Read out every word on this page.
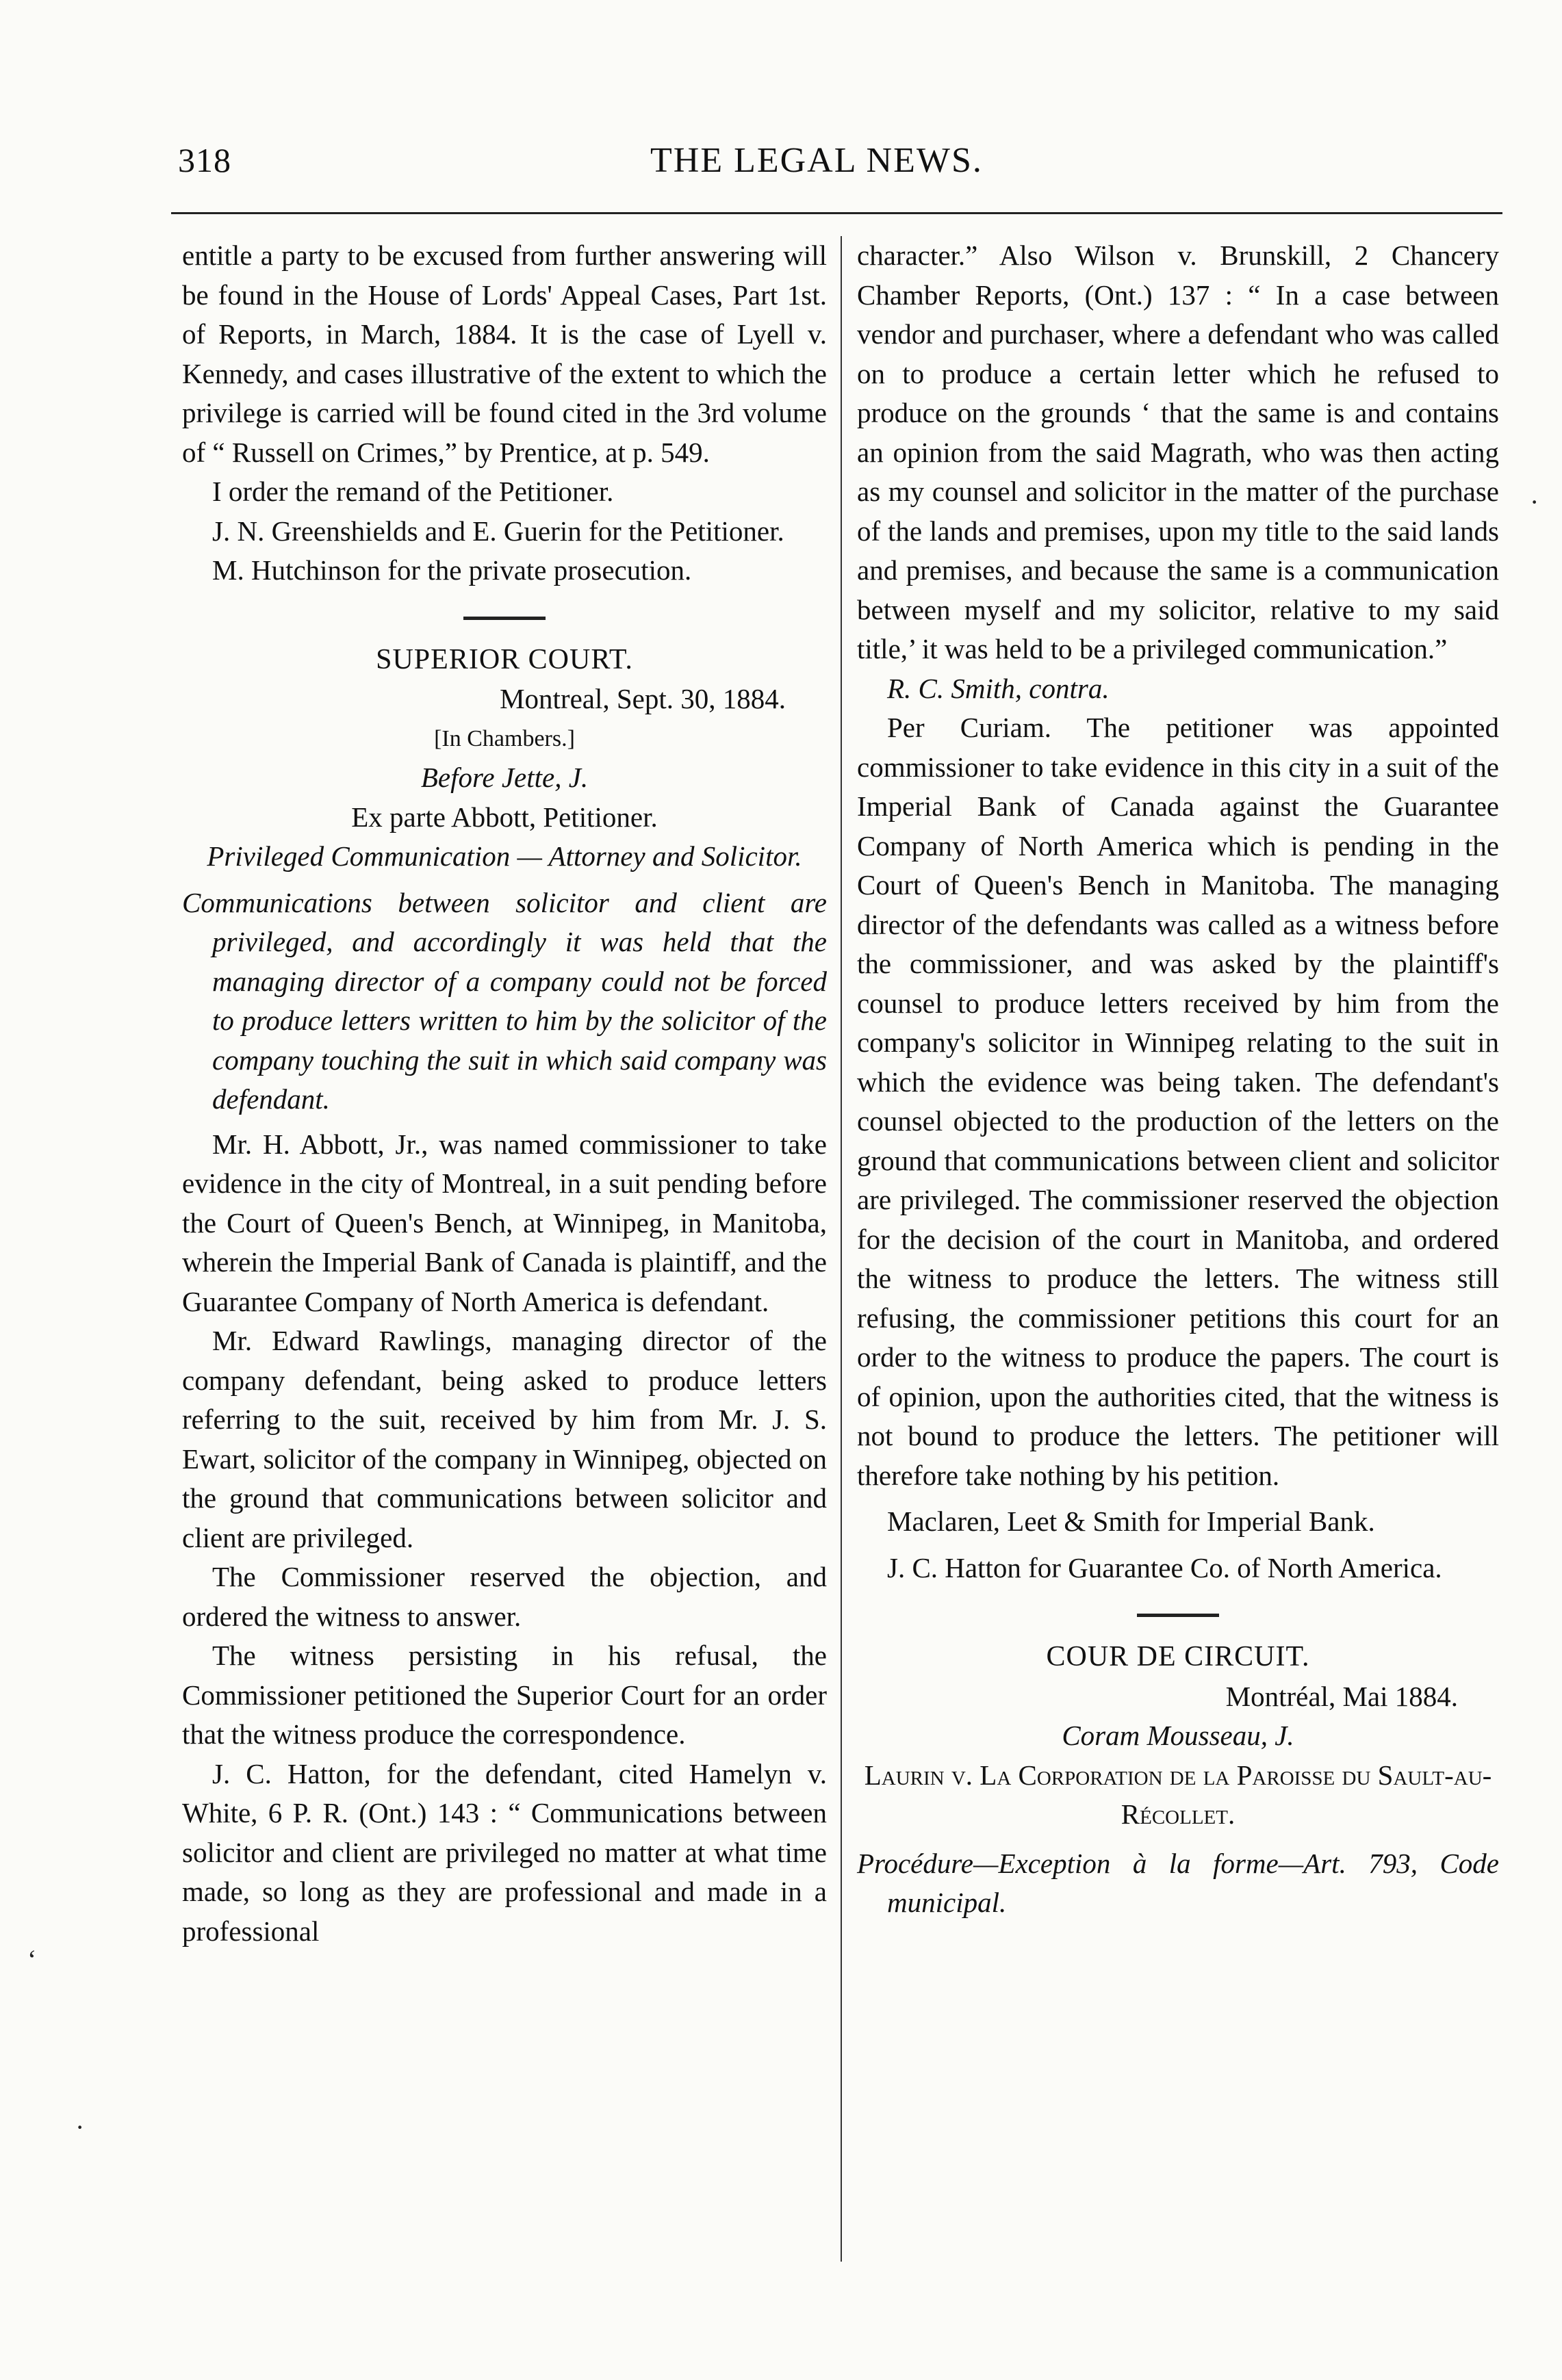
318	THE LEGAL NEWS.

entitle a party to be excused from further answering will be found in the House of Lords' Appeal Cases, Part 1st. of Reports, in March, 1884. It is the case of Lyell v. Kennedy, and cases illustrative of the extent to which the privilege is carried will be found cited in the 3rd volume of “ Russell on Crimes,” by Prentice, at p. 549.

I order the remand of the Petitioner.

J. N. Greenshields and E. Guerin for the Petitioner.

M. Hutchinson for the private prosecution.

SUPERIOR COURT.

Montreal, Sept. 30, 1884.

[In Chambers.]

Before Jette, J.

Ex parte Abbott, Petitioner.

Privileged Communication — Attorney and Solicitor.

Communications between solicitor and client are privileged, and accordingly it was held that the managing director of a company could not be forced to produce letters written to him by the solicitor of the company touching the suit in which said company was defendant.

Mr. H. Abbott, Jr., was named commissioner to take evidence in the city of Montreal, in a suit pending before the Court of Queen's Bench, at Winnipeg, in Manitoba, wherein the Imperial Bank of Canada is plaintiff, and the Guarantee Company of North America is defendant.

Mr. Edward Rawlings, managing director of the company defendant, being asked to produce letters referring to the suit, received by him from Mr. J. S. Ewart, solicitor of the company in Winnipeg, objected on the ground that communications between solicitor and client are privileged.

The Commissioner reserved the objection, and ordered the witness to answer.

The witness persisting in his refusal, the Commissioner petitioned the Superior Court for an order that the witness produce the correspondence.

J. C. Hatton, for the defendant, cited Hamelyn v. White, 6 P. R. (Ont.) 143 : “ Communications between solicitor and client are privileged no matter at what time made, so long as they are professional and made in a professional

character.” Also Wilson v. Brunskill, 2 Chancery Chamber Reports, (Ont.) 137 : “ In a case between vendor and purchaser, where a defendant who was called on to produce a certain letter which he refused to produce on the grounds ‘ that the same is and contains an opinion from the said Magrath, who was then acting as my counsel and solicitor in the matter of the purchase of the lands and premises, upon my title to the said lands and premises, and because the same is a communication between myself and my solicitor, relative to my said title,’ it was held to be a privileged communication.”

R. C. Smith, contra.

Per Curiam. The petitioner was appointed commissioner to take evidence in this city in a suit of the Imperial Bank of Canada against the Guarantee Company of North America which is pending in the Court of Queen's Bench in Manitoba. The managing director of the defendants was called as a witness before the commissioner, and was asked by the plaintiff's counsel to produce letters received by him from the company's solicitor in Winnipeg relating to the suit in which the evidence was being taken. The defendant's counsel objected to the production of the letters on the ground that communications between client and solicitor are privileged. The commissioner reserved the objection for the decision of the court in Manitoba, and ordered the witness to produce the letters. The witness still refusing, the commissioner petitions this court for an order to the witness to produce the papers. The court is of opinion, upon the authorities cited, that the witness is not bound to produce the letters. The petitioner will therefore take nothing by his petition.

Maclaren, Leet & Smith for Imperial Bank.

J. C. Hatton for Guarantee Co. of North America.

COUR DE CIRCUIT.

Montréal, Mai 1884.

Coram Mousseau, J.

Laurin v. La Corporation de la Paroisse du Sault-au-Récollet.

Procédure—Exception à la forme—Art. 793, Code municipal.

‘
·
·
